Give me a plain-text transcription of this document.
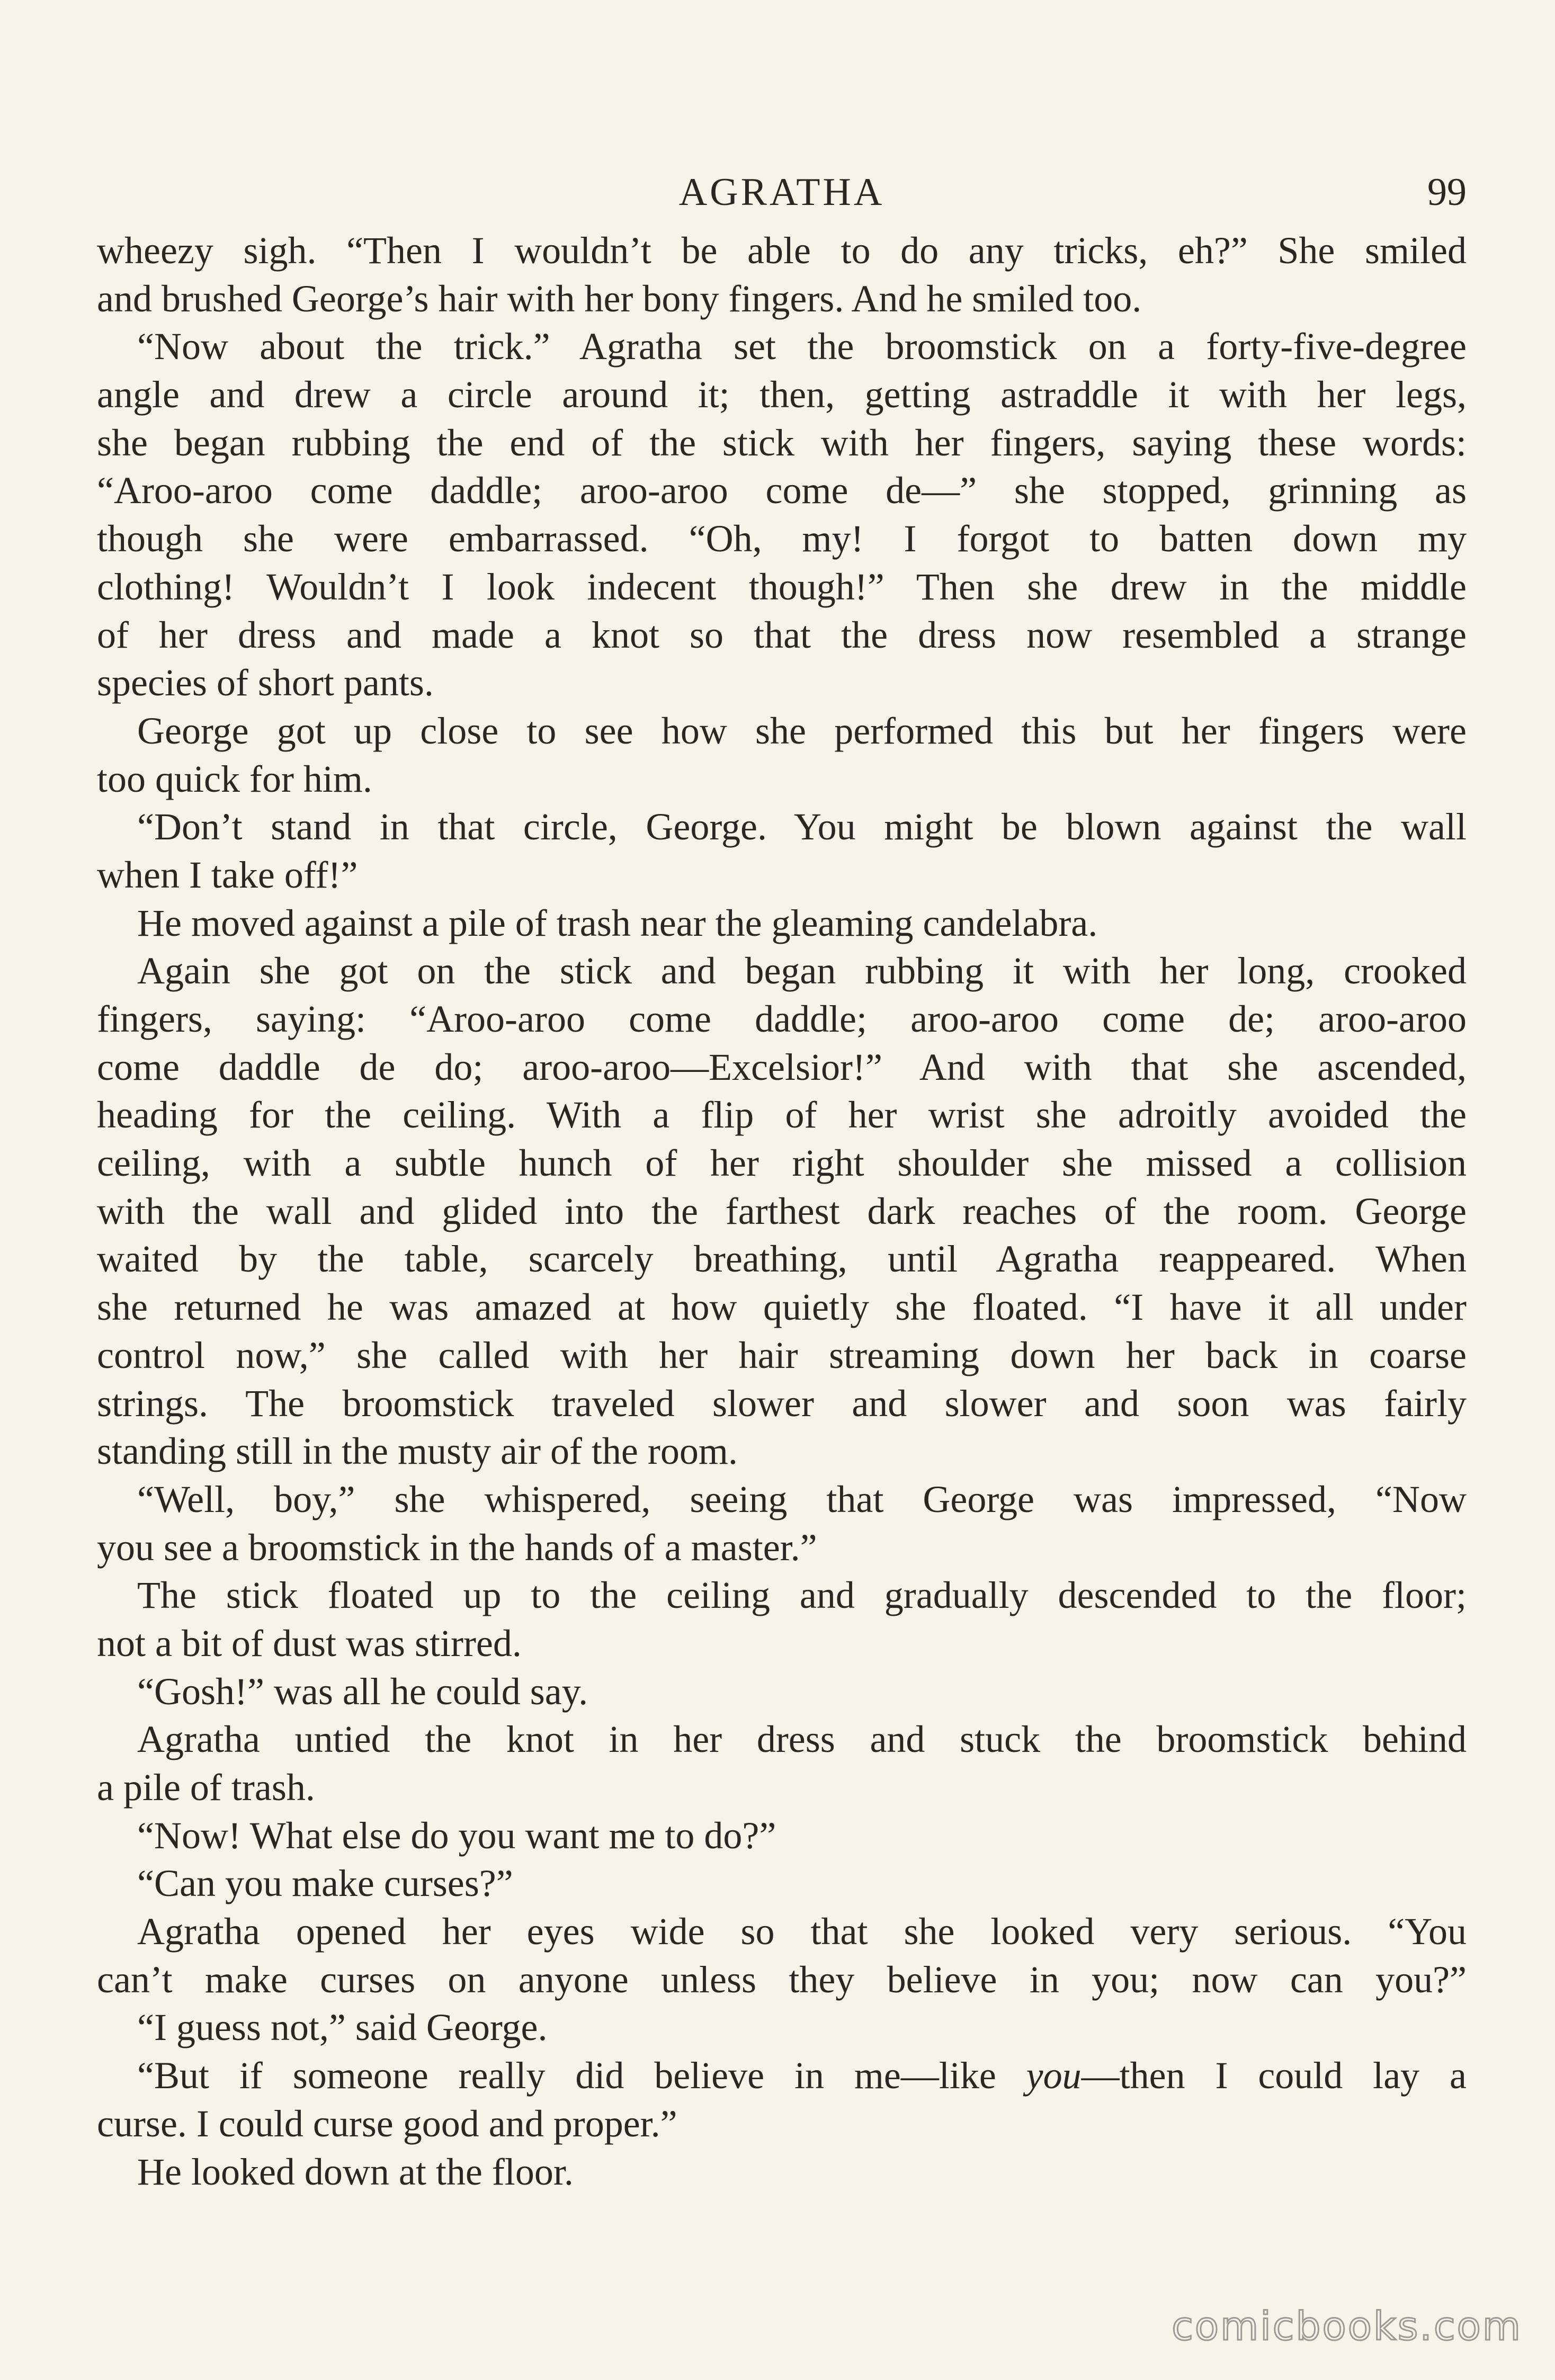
AGRATHA	99
wheezy sigh. “Then I wouldn’t be able to do any tricks, eh?” She smiled
and brushed George’s hair with her bony fingers. And he smiled too.
“Now about the trick.” Agratha set the broomstick on a forty-five-degree
angle and drew a circle around it; then, getting astraddle it with her legs,
she began rubbing the end of the stick with her fingers, saying these words:
“Aroo-aroo come daddle; aroo-aroo come de—” she stopped, grinning as
though she were embarrassed. “Oh, my! I forgot to batten down my
clothing! Wouldn’t I look indecent though!” Then she drew in the middle
of her dress and made a knot so that the dress now resembled a strange
species of short pants.
George got up close to see how she performed this but her fingers were
too quick for him.
“Don’t stand in that circle, George. You might be blown against the wall
when I take off!”
He moved against a pile of trash near the gleaming candelabra.
Again she got on the stick and began rubbing it with her long, crooked
fingers, saying: “Aroo-aroo come daddle; aroo-aroo come de; aroo-aroo
come daddle de do; aroo-aroo—Excelsior!” And with that she ascended,
heading for the ceiling. With a flip of her wrist she adroitly avoided the
ceiling, with a subtle hunch of her right shoulder she missed a collision
with the wall and glided into the farthest dark reaches of the room. George
waited by the table, scarcely breathing, until Agratha reappeared. When
she returned he was amazed at how quietly she floated. “I have it all under
control now,” she called with her hair streaming down her back in coarse
strings. The broomstick traveled slower and slower and soon was fairly
standing still in the musty air of the room.
“Well, boy,” she whispered, seeing that George was impressed, “Now
you see a broomstick in the hands of a master.”
The stick floated up to the ceiling and gradually descended to the floor;
not a bit of dust was stirred.
“Gosh!” was all he could say.
Agratha untied the knot in her dress and stuck the broomstick behind
a pile of trash.
“Now! What else do you want me to do?”
“Can you make curses?”
Agratha opened her eyes wide so that she looked very serious. “You
can’t make curses on anyone unless they believe in you; now can you?”
“I guess not,” said George.
“But if someone really did believe in me—like you—then I could lay a
curse. I could curse good and proper.”
He looked down at the floor.
comicbooks.com
